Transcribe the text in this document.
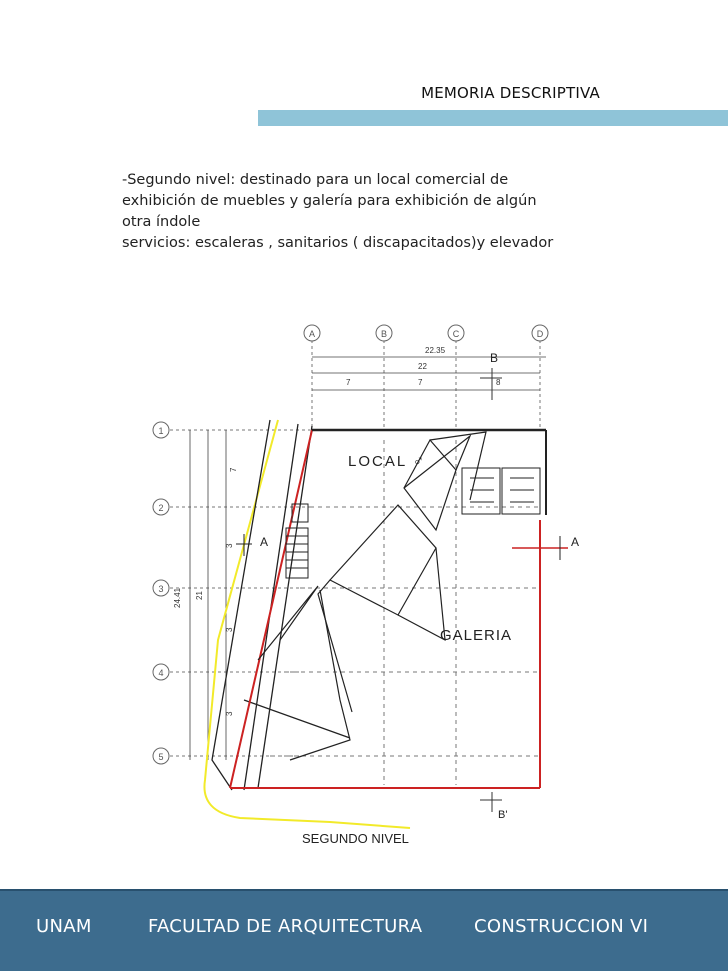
MEMORIA DESCRIPTIVA
-Segundo nivel: destinado para un local comercial de
exhibición de muebles y galería para exhibición de algún
otra índole
servicios: escaleras , sanitarios ( discapacitados)y elevador
A	B	C	D
22.35
22
7	7	8
B
1
2
3
4
5
24.41 21
7
3
3
3
A	A
B'
LOCAL ♂
GALERIA
SEGUNDO NIVEL
UNAM	FACULTAD DE ARQUITECTURA	CONSTRUCCION VI
